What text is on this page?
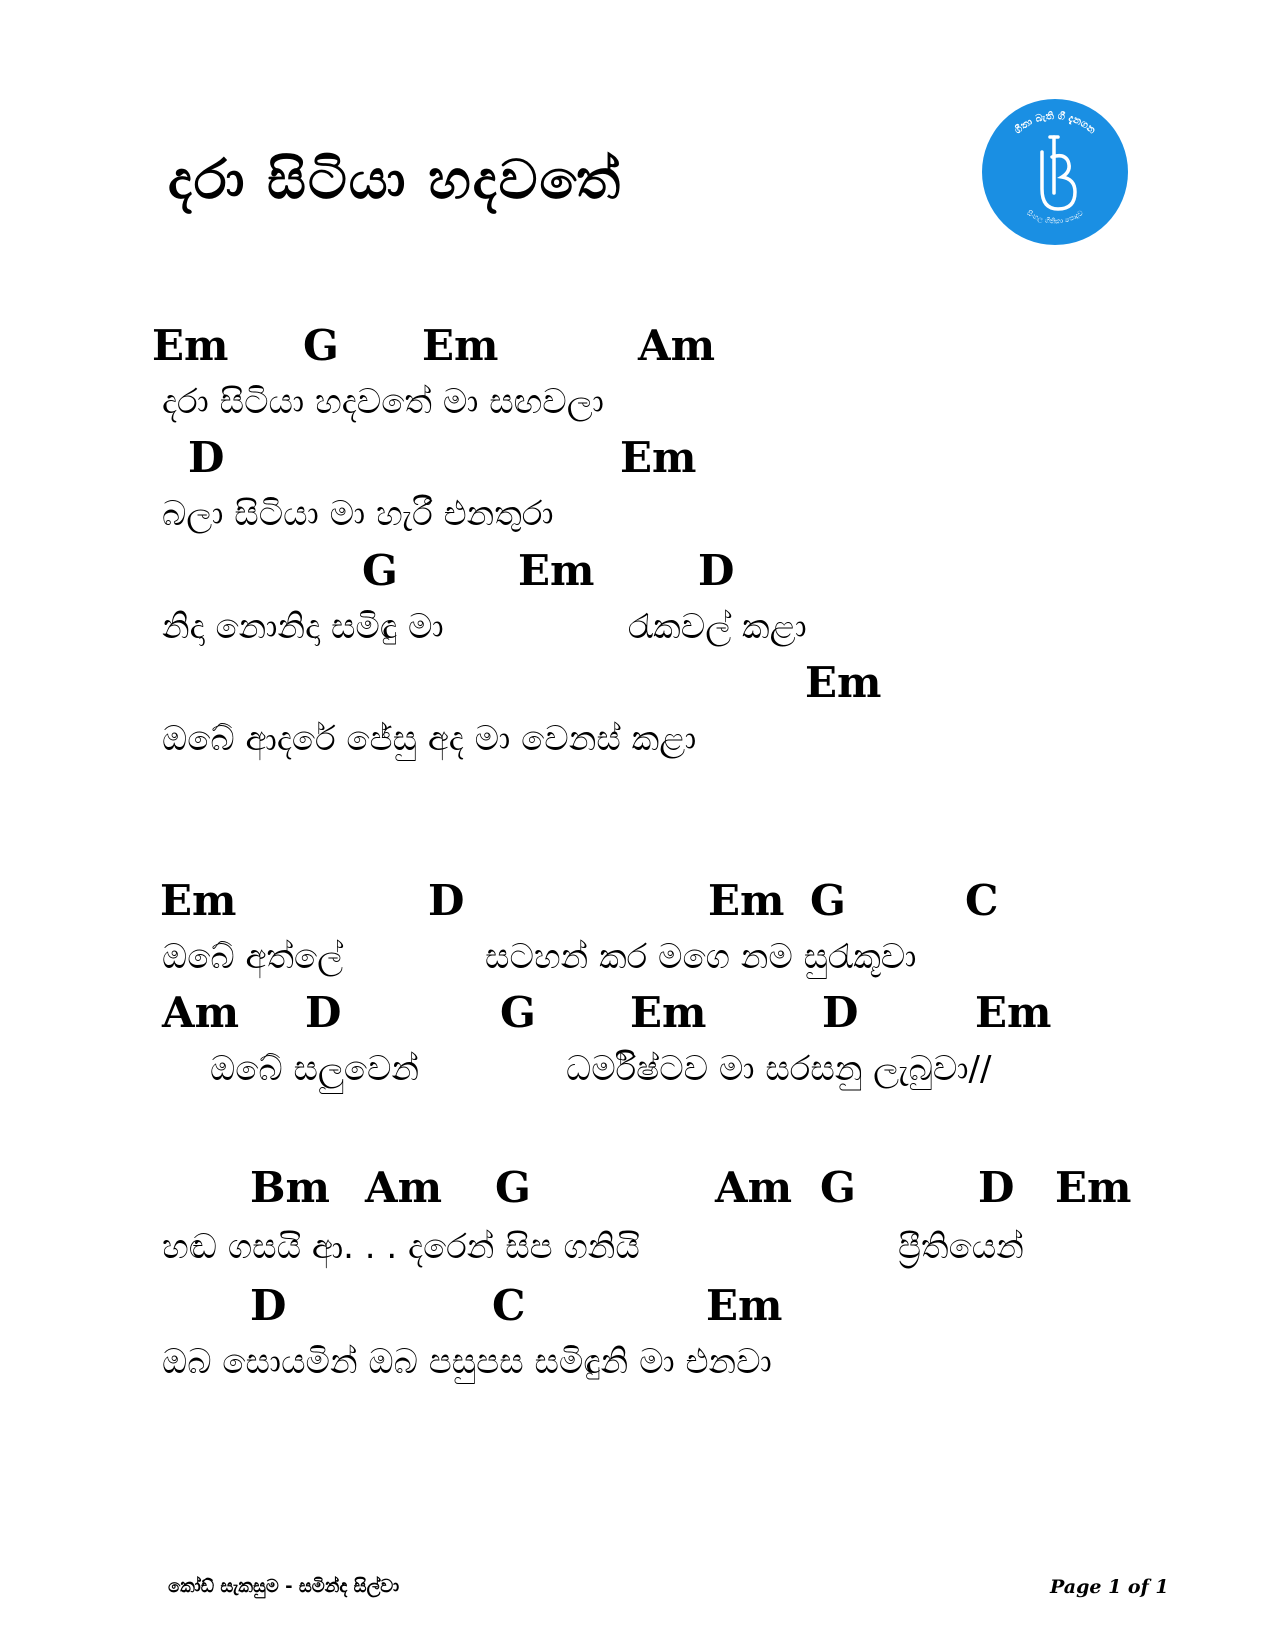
දරා සිටියා හදවතේ
ගීතා බැති ගී දැනගන
සිංහල ගීතිකා පොදුව
Em G Em	Am
දරා සිටියා හදවතේ මා සඟවලා
D	Em
බලා සිටියා මා හැරී එනතුරා
G	Em D
නිදා නොනිදා සමිඳු මා	රැකවල් කළා
Em
ඔබේ ආදරේ ජේසු අද මා වෙනස් කළා
Em	D	Em G	C
ඔබේ අත්ලේ	සටහන් කර මගෙ නම සුරැකූවා
Am D	G Em	D	Em
ඔබේ සලුවෙන්	ධර්මිෂ්ටව මා සරසනු ලැබුවා//
Bm Am G	Am G	D Em
හඬ ගසයි ආ. . . දරෙන් සිප ගනියි	ප්‍රීතියෙන්
D	C	Em
ඔබ සොයමින් ඔබ පසුපස සමිඳුනි මා එනවා
කෝඩ් සැකසුම - සමින්ද සිල්වා	Page 1 of 1
